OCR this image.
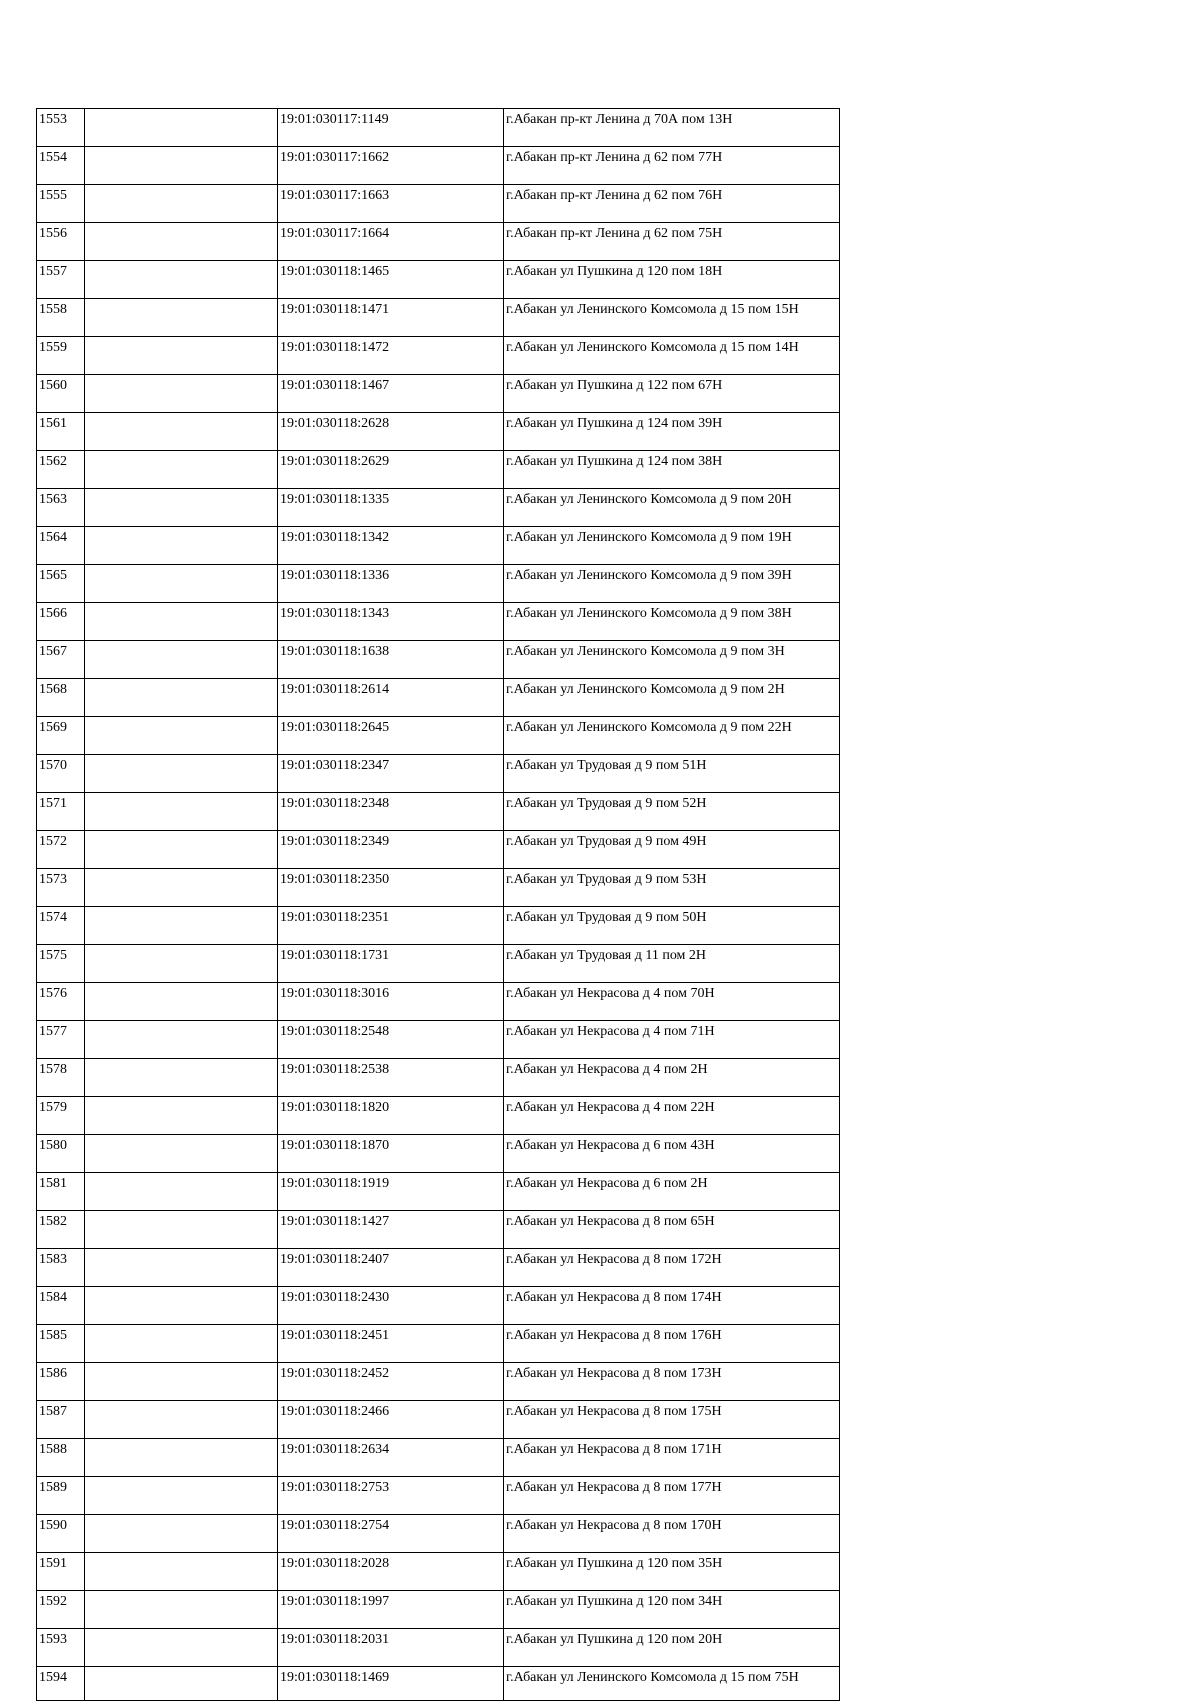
1553		19:01:030117:1149	г.Абакан пр-кт Ленина д 70А пом 13Н
1554		19:01:030117:1662	г.Абакан пр-кт Ленина д 62 пом 77Н
1555		19:01:030117:1663	г.Абакан пр-кт Ленина д 62 пом 76Н
1556		19:01:030117:1664	г.Абакан пр-кт Ленина д 62 пом 75Н
1557		19:01:030118:1465	г.Абакан ул Пушкина д 120 пом 18Н
1558		19:01:030118:1471	г.Абакан ул Ленинского Комсомола д 15 пом 15Н
1559		19:01:030118:1472	г.Абакан ул Ленинского Комсомола д 15 пом 14Н
1560		19:01:030118:1467	г.Абакан ул Пушкина д 122 пом 67Н
1561		19:01:030118:2628	г.Абакан ул Пушкина д 124 пом 39Н
1562		19:01:030118:2629	г.Абакан ул Пушкина д 124 пом 38Н
1563		19:01:030118:1335	г.Абакан ул Ленинского Комсомола д 9 пом 20Н
1564		19:01:030118:1342	г.Абакан ул Ленинского Комсомола д 9 пом 19Н
1565		19:01:030118:1336	г.Абакан ул Ленинского Комсомола д 9 пом 39Н
1566		19:01:030118:1343	г.Абакан ул Ленинского Комсомола д 9 пом 38Н
1567		19:01:030118:1638	г.Абакан ул Ленинского Комсомола д 9 пом 3Н
1568		19:01:030118:2614	г.Абакан ул Ленинского Комсомола д 9 пом 2Н
1569		19:01:030118:2645	г.Абакан ул Ленинского Комсомола д 9 пом 22Н
1570		19:01:030118:2347	г.Абакан ул Трудовая д 9 пом 51Н
1571		19:01:030118:2348	г.Абакан ул Трудовая д 9 пом 52Н
1572		19:01:030118:2349	г.Абакан ул Трудовая д 9 пом 49Н
1573		19:01:030118:2350	г.Абакан ул Трудовая д 9 пом 53Н
1574		19:01:030118:2351	г.Абакан ул Трудовая д 9 пом 50Н
1575		19:01:030118:1731	г.Абакан ул Трудовая д 11 пом 2Н
1576		19:01:030118:3016	г.Абакан ул Некрасова д 4 пом 70Н
1577		19:01:030118:2548	г.Абакан ул Некрасова д 4 пом 71Н
1578		19:01:030118:2538	г.Абакан ул Некрасова д 4 пом 2Н
1579		19:01:030118:1820	г.Абакан ул Некрасова д 4 пом 22Н
1580		19:01:030118:1870	г.Абакан ул Некрасова д 6 пом 43Н
1581		19:01:030118:1919	г.Абакан ул Некрасова д 6 пом 2Н
1582		19:01:030118:1427	г.Абакан ул Некрасова д 8 пом 65Н
1583		19:01:030118:2407	г.Абакан ул Некрасова д 8 пом 172Н
1584		19:01:030118:2430	г.Абакан ул Некрасова д 8 пом 174Н
1585		19:01:030118:2451	г.Абакан ул Некрасова д 8 пом 176Н
1586		19:01:030118:2452	г.Абакан ул Некрасова д 8 пом 173Н
1587		19:01:030118:2466	г.Абакан ул Некрасова д 8 пом 175Н
1588		19:01:030118:2634	г.Абакан ул Некрасова д 8 пом 171Н
1589		19:01:030118:2753	г.Абакан ул Некрасова д 8 пом 177Н
1590		19:01:030118:2754	г.Абакан ул Некрасова д 8 пом 170Н
1591		19:01:030118:2028	г.Абакан ул Пушкина д 120 пом 35Н
1592		19:01:030118:1997	г.Абакан ул Пушкина д 120 пом 34Н
1593		19:01:030118:2031	г.Абакан ул Пушкина д 120 пом 20Н
1594		19:01:030118:1469	г.Абакан ул Ленинского Комсомола д 15 пом 75Н
